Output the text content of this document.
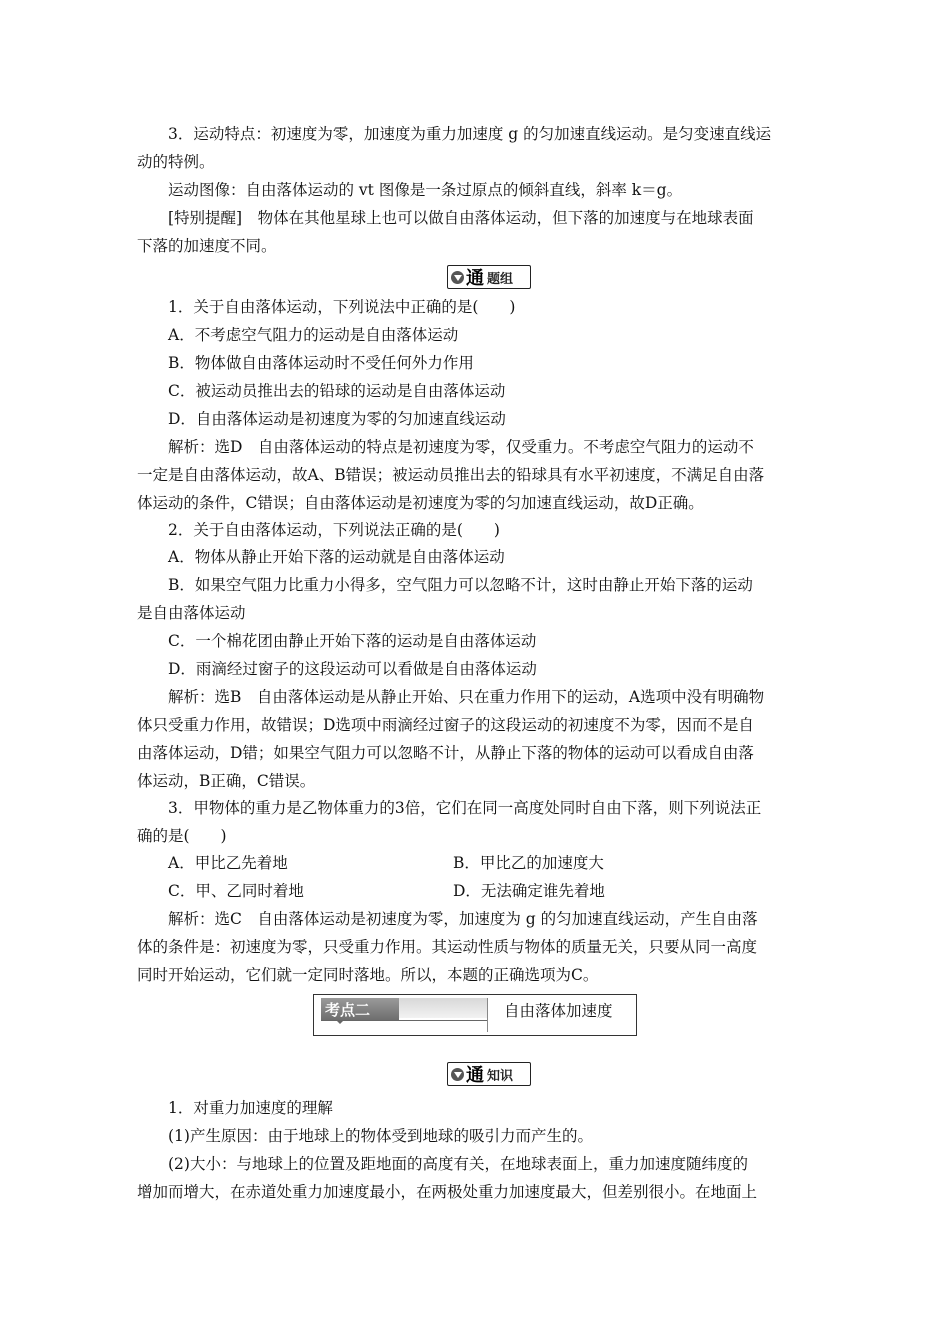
3．运动特点：初速度为零，加速度为重力加速度 g 的匀加速直线运动。是匀变速直线运
动的特例。
运动图像：自由落体运动的 vt 图像是一条过原点的倾斜直线，斜率 k＝g。
[特别提醒]　物体在其他星球上也可以做自由落体运动，但下落的加速度与在地球表面
下落的加速度不同。
通 题组
1．关于自由落体运动，下列说法中正确的是(　　)
A．不考虑空气阻力的运动是自由落体运动
B．物体做自由落体运动时不受任何外力作用
C．被运动员推出去的铅球的运动是自由落体运动
D．自由落体运动是初速度为零的匀加速直线运动
解析：选D　自由落体运动的特点是初速度为零，仅受重力。不考虑空气阻力的运动不
一定是自由落体运动，故A、B错误；被运动员推出去的铅球具有水平初速度，不满足自由落
体运动的条件，C错误；自由落体运动是初速度为零的匀加速直线运动，故D正确。
2．关于自由落体运动，下列说法正确的是(　　)
A．物体从静止开始下落的运动就是自由落体运动
B．如果空气阻力比重力小得多，空气阻力可以忽略不计，这时由静止开始下落的运动
是自由落体运动
C．一个棉花团由静止开始下落的运动是自由落体运动
D．雨滴经过窗子的这段运动可以看做是自由落体运动
解析：选B　自由落体运动是从静止开始、只在重力作用下的运动，A选项中没有明确物
体只受重力作用，故错误；D选项中雨滴经过窗子的这段运动的初速度不为零，因而不是自
由落体运动，D错；如果空气阻力可以忽略不计，从静止下落的物体的运动可以看成自由落
体运动，B正确，C错误。
3．甲物体的重力是乙物体重力的3倍，它们在同一高度处同时自由下落，则下列说法正
确的是(　　)
A．甲比乙先着地	B．甲比乙的加速度大
C．甲、乙同时着地	D．无法确定谁先着地
解析：选C　自由落体运动是初速度为零，加速度为 g 的匀加速直线运动，产生自由落
体的条件是：初速度为零，只受重力作用。其运动性质与物体的质量无关，只要从同一高度
同时开始运动，它们就一定同时落地。所以，本题的正确选项为C。
考点二	自由落体加速度
通 知识
1．对重力加速度的理解
(1)产生原因：由于地球上的物体受到地球的吸引力而产生的。
(2)大小：与地球上的位置及距地面的高度有关，在地球表面上，重力加速度随纬度的
增加而增大，在赤道处重力加速度最小，在两极处重力加速度最大，但差别很小。在地面上
